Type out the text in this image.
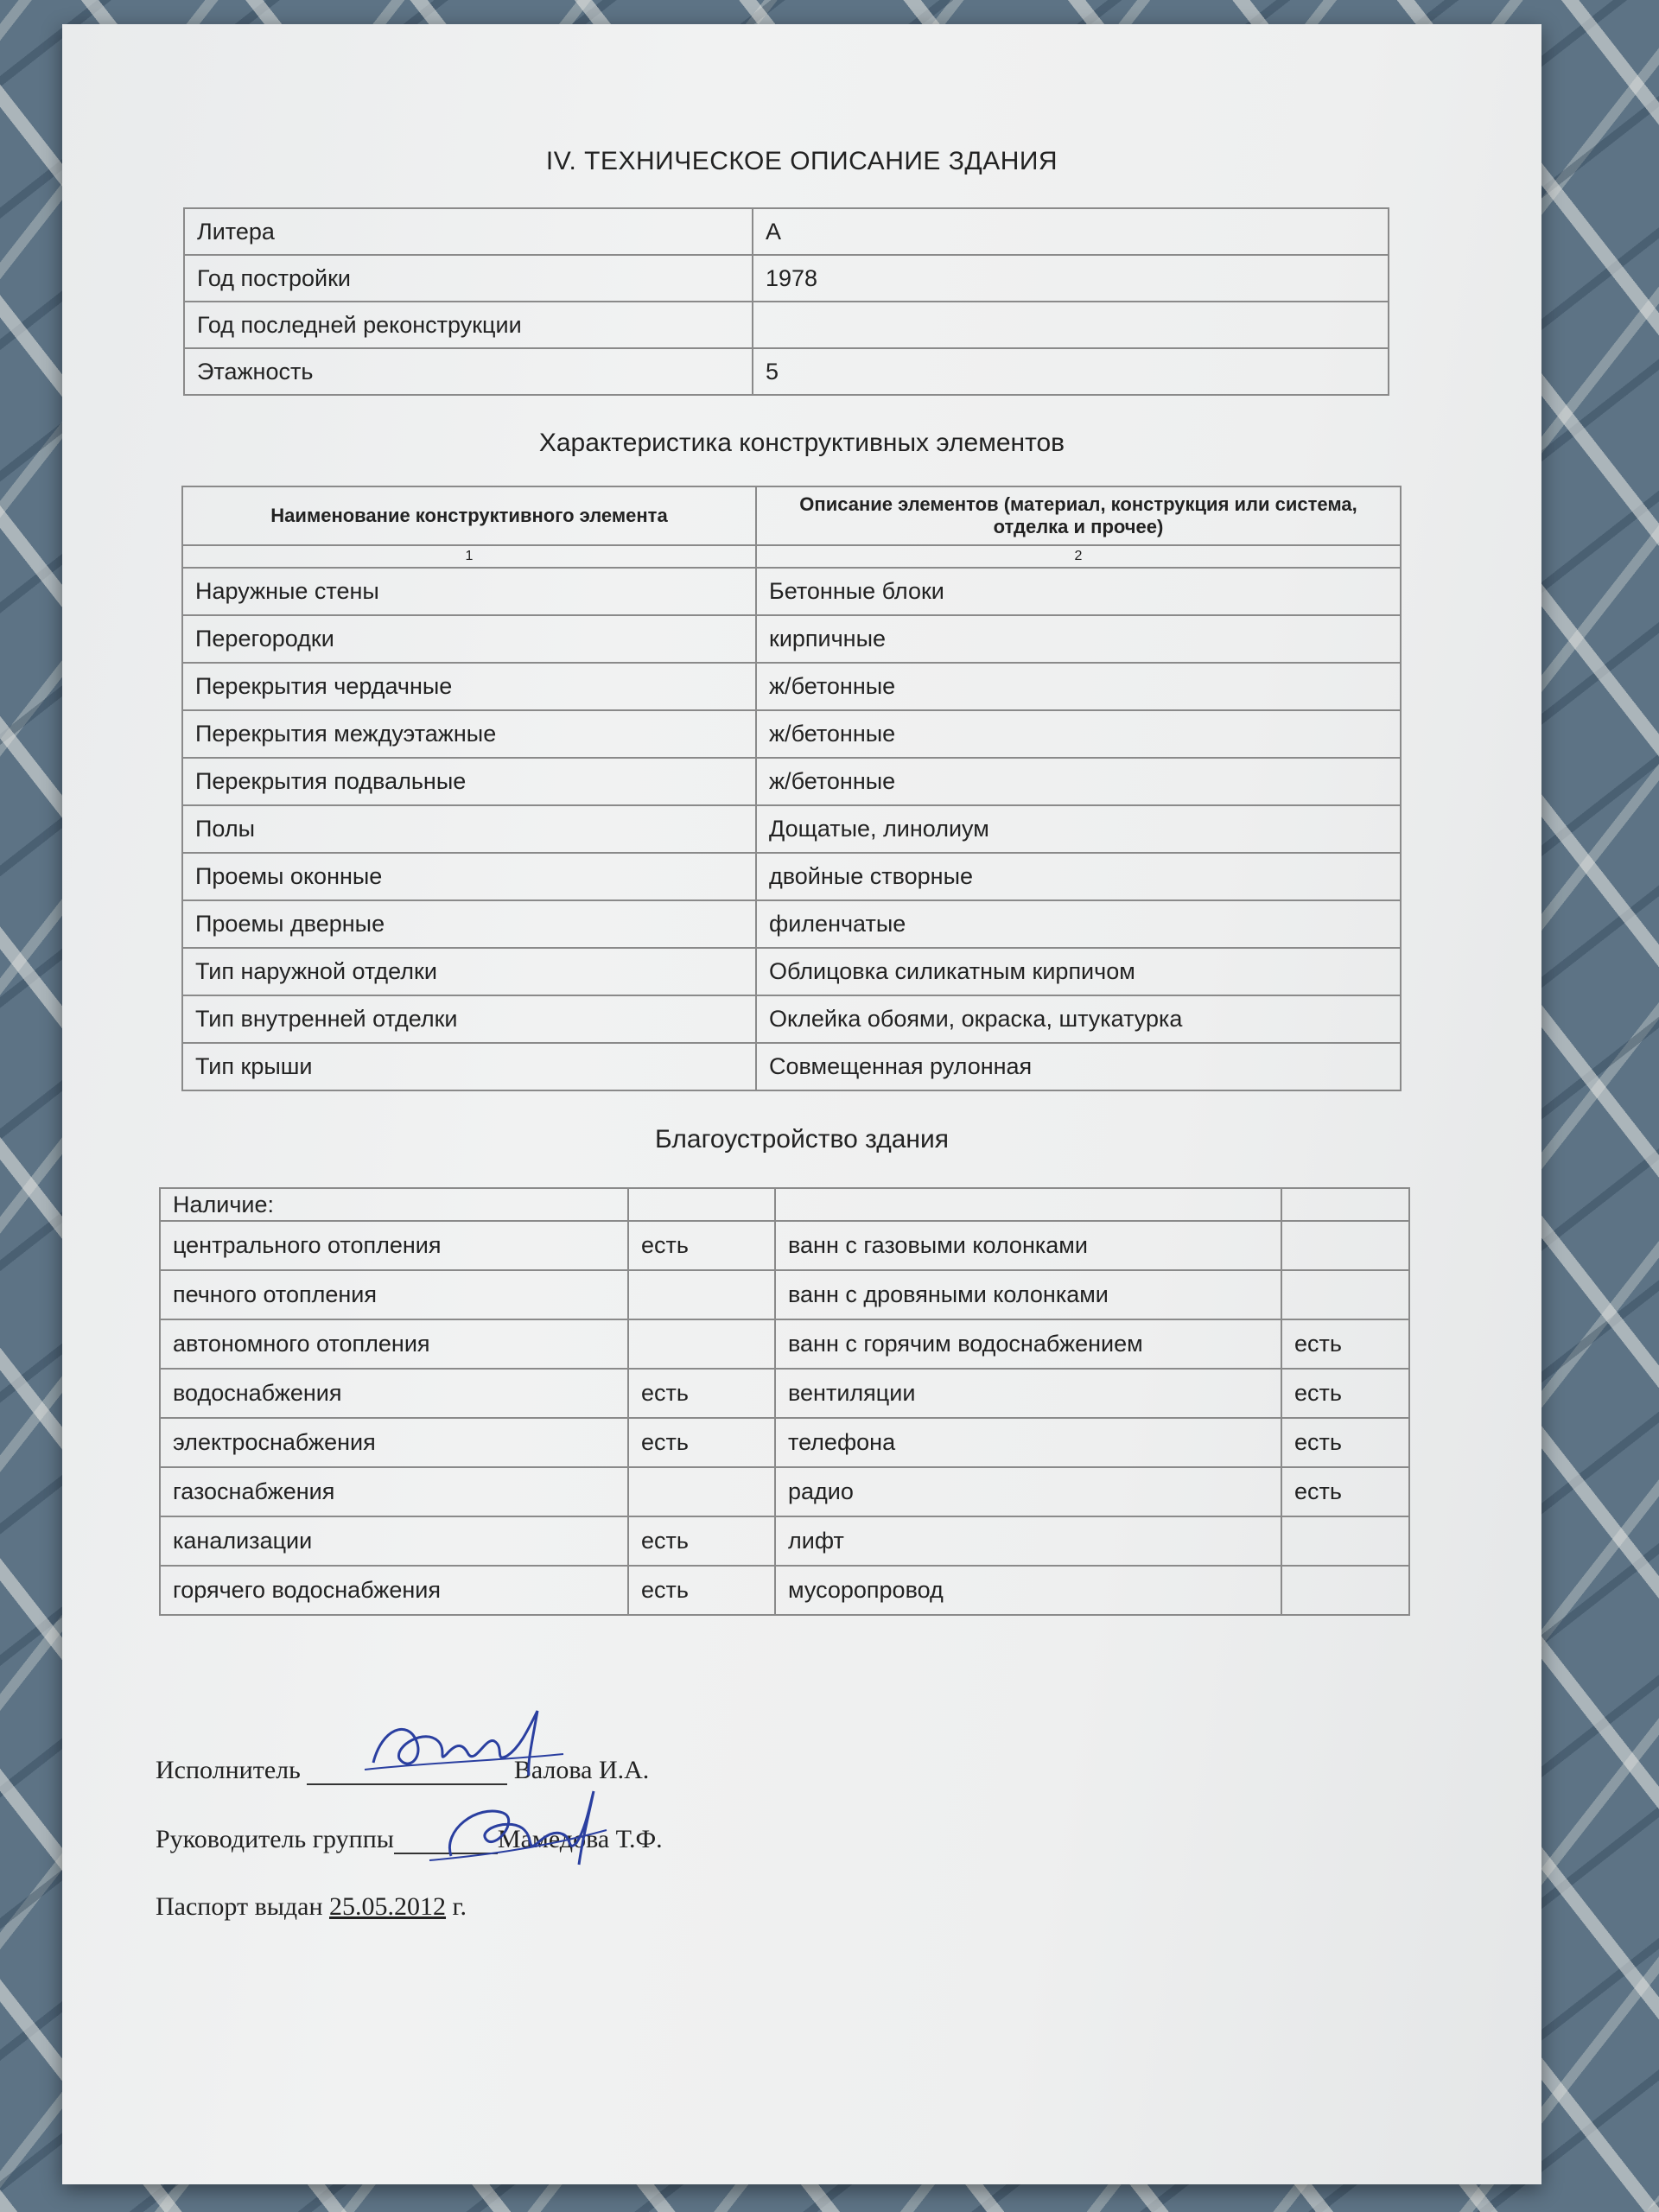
IV. ТЕХНИЧЕСКОЕ ОПИСАНИЕ ЗДАНИЯ
Литера	А
Год постройки	1978
Год последней реконструкции	
Этажность	5
Характеристика конструктивных элементов
Наименование конструктивного элемента	Описание элементов (материал, конструкция или система, отделка и прочее)
1	2
Наружные стены	Бетонные блоки
Перегородки	кирпичные
Перекрытия чердачные	ж/бетонные
Перекрытия междуэтажные	ж/бетонные
Перекрытия подвальные	ж/бетонные
Полы	Дощатые, линолиум
Проемы оконные	двойные створные
Проемы дверные	филенчатые
Тип наружной отделки	Облицовка силикатным кирпичом
Тип внутренней отделки	Оклейка обоями, окраска, штукатурка
Тип крыши	Совмещенная рулонная
Благоустройство здания
Наличие:			
центрального отопления	есть	ванн с газовыми колонками	
печного отопления		ванн с дровяными колонками	
автономного отопления		ванн с горячим водоснабжением	есть
водоснабжения	есть	вентиляции	есть
электроснабжения	есть	телефона	есть
газоснабжения		радио	есть
канализации	есть	лифт	
горячего водоснабжения	есть	мусоропровод	
Исполнитель	Валова И.А.
Руководитель группы	Мамедова Т.Ф.
Паспорт выдан 25.05.2012 г.
